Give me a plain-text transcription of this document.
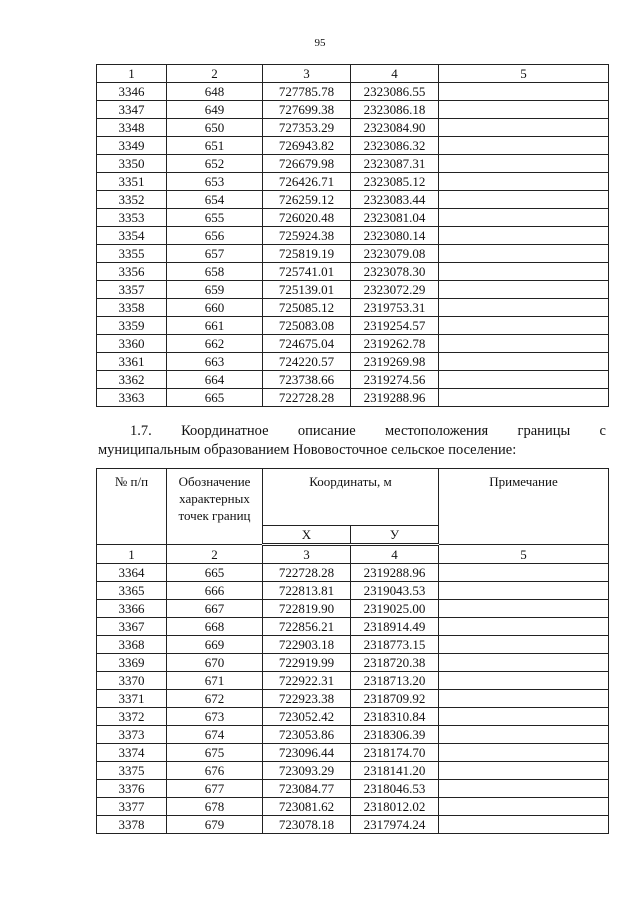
95
1	2	3	4	5
3346	648	727785.78	2323086.55	
3347	649	727699.38	2323086.18	
3348	650	727353.29	2323084.90	
3349	651	726943.82	2323086.32	
3350	652	726679.98	2323087.31	
3351	653	726426.71	2323085.12	
3352	654	726259.12	2323083.44	
3353	655	726020.48	2323081.04	
3354	656	725924.38	2323080.14	
3355	657	725819.19	2323079.08	
3356	658	725741.01	2323078.30	
3357	659	725139.01	2323072.29	
3358	660	725085.12	2319753.31	
3359	661	725083.08	2319254.57	
3360	662	724675.04	2319262.78	
3361	663	724220.57	2319269.98	
3362	664	723738.66	2319274.56	
3363	665	722728.28	2319288.96	
1.7. Координатное описание местоположения границы с
муниципальным образованием Нововосточное сельское поселение:
№ п/п	Обозначение характерных точек границ	Координаты, м		Примечание
		Х	У	
1	2	3	4	5
3364	665	722728.28	2319288.96	
3365	666	722813.81	2319043.53	
3366	667	722819.90	2319025.00	
3367	668	722856.21	2318914.49	
3368	669	722903.18	2318773.15	
3369	670	722919.99	2318720.38	
3370	671	722922.31	2318713.20	
3371	672	722923.38	2318709.92	
3372	673	723052.42	2318310.84	
3373	674	723053.86	2318306.39	
3374	675	723096.44	2318174.70	
3375	676	723093.29	2318141.20	
3376	677	723084.77	2318046.53	
3377	678	723081.62	2318012.02	
3378	679	723078.18	2317974.24	
